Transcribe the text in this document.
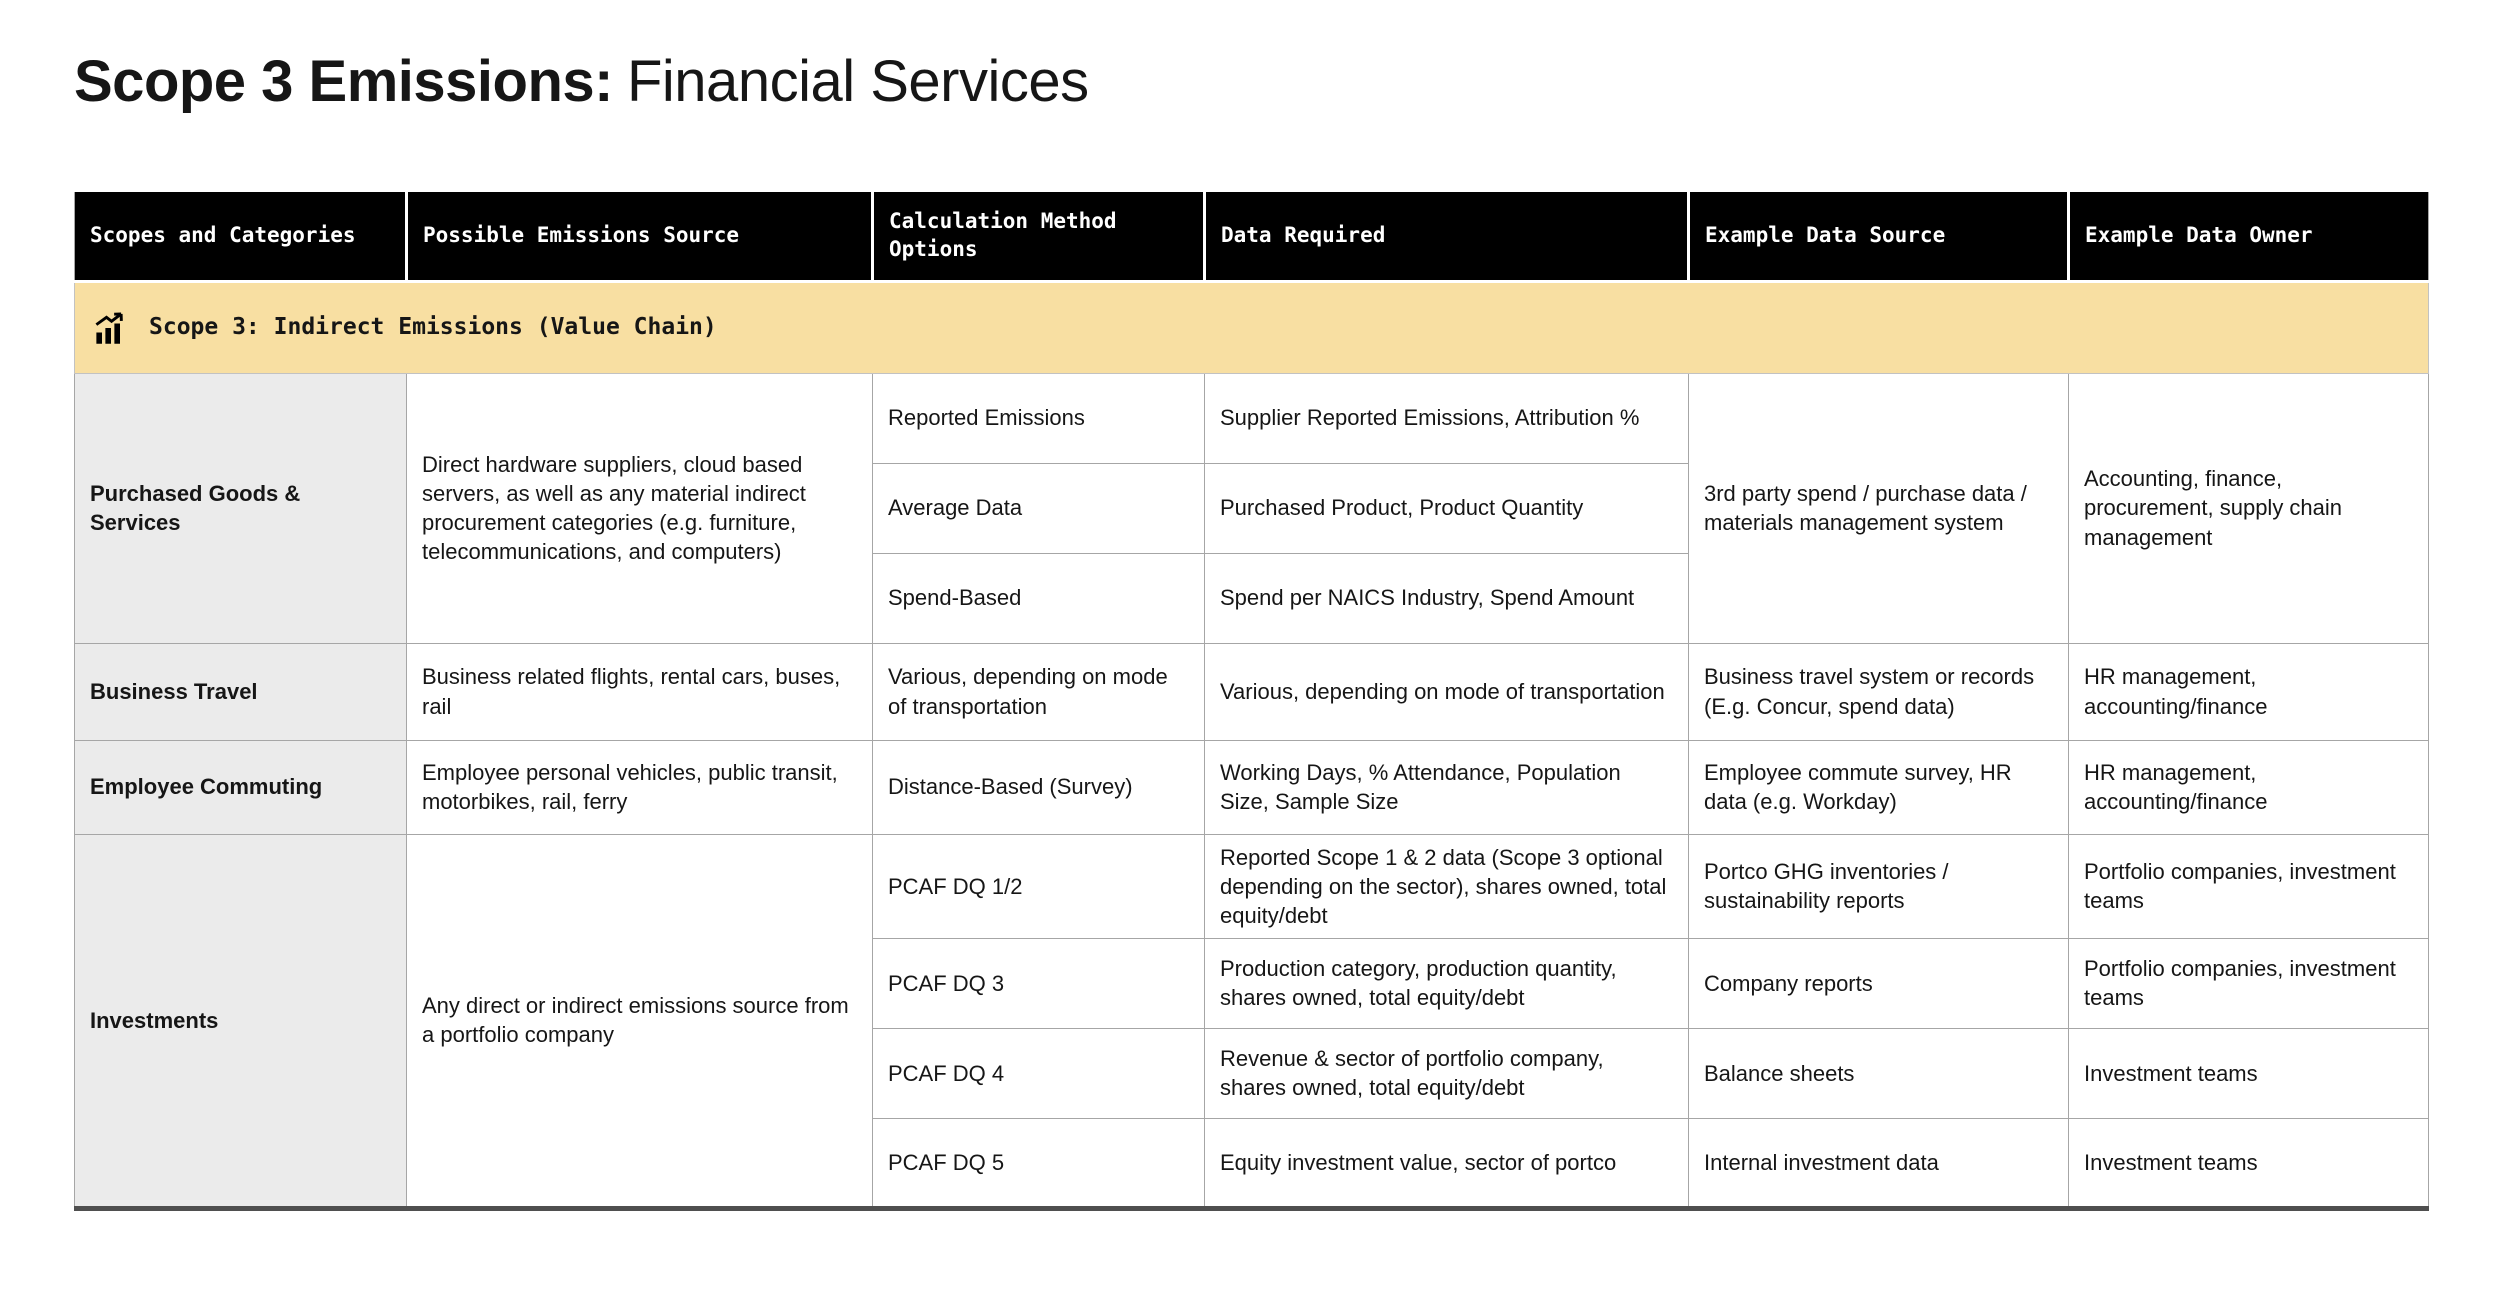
Scope 3 Emissions: Financial Services
Scopes and Categories	Possible Emissions Source	Calculation Method Options	Data Required	Example Data Source	Example Data Owner

Scope 3: Indirect Emissions (Value Chain)					

Purchased Goods & Services	Direct hardware suppliers, cloud based servers, as well as any material indirect procurement categories (e.g. furniture, telecommunications, and computers)	Reported Emissions	Supplier Reported Emissions, Attribution %	3rd party spend / purchase data / materials management system	Accounting, finance, procurement, supply chain management
		Average Data	Purchased Product, Product Quantity		
		Spend-Based	Spend per NAICS Industry, Spend Amount		
Business Travel	Business related flights, rental cars, buses, rail	Various, depending on mode of transportation	Various, depending on mode of transportation	Business travel system or records (E.g. Concur, spend data)	HR management, accounting/finance
Employee Commuting	Employee personal vehicles, public transit, motorbikes, rail, ferry	Distance-Based (Survey)	Working Days, % Attendance, Population Size, Sample Size	Employee commute survey, HR data (e.g. Workday)	HR management, accounting/finance
Investments	Any direct or indirect emissions source from a portfolio company	PCAF DQ 1/2	Reported Scope 1 & 2 data (Scope 3 optional depending on the sector), shares owned, total equity/debt	Portco GHG inventories / sustainability reports	Portfolio companies, investment teams
		PCAF DQ 3	Production category, production quantity, shares owned, total equity/debt	Company reports	Portfolio companies, investment teams
		PCAF DQ 4	Revenue & sector of portfolio company, shares owned, total equity/debt	Balance sheets	Investment teams
		PCAF DQ 5	Equity investment value, sector of portco	Internal investment data	Investment teams
